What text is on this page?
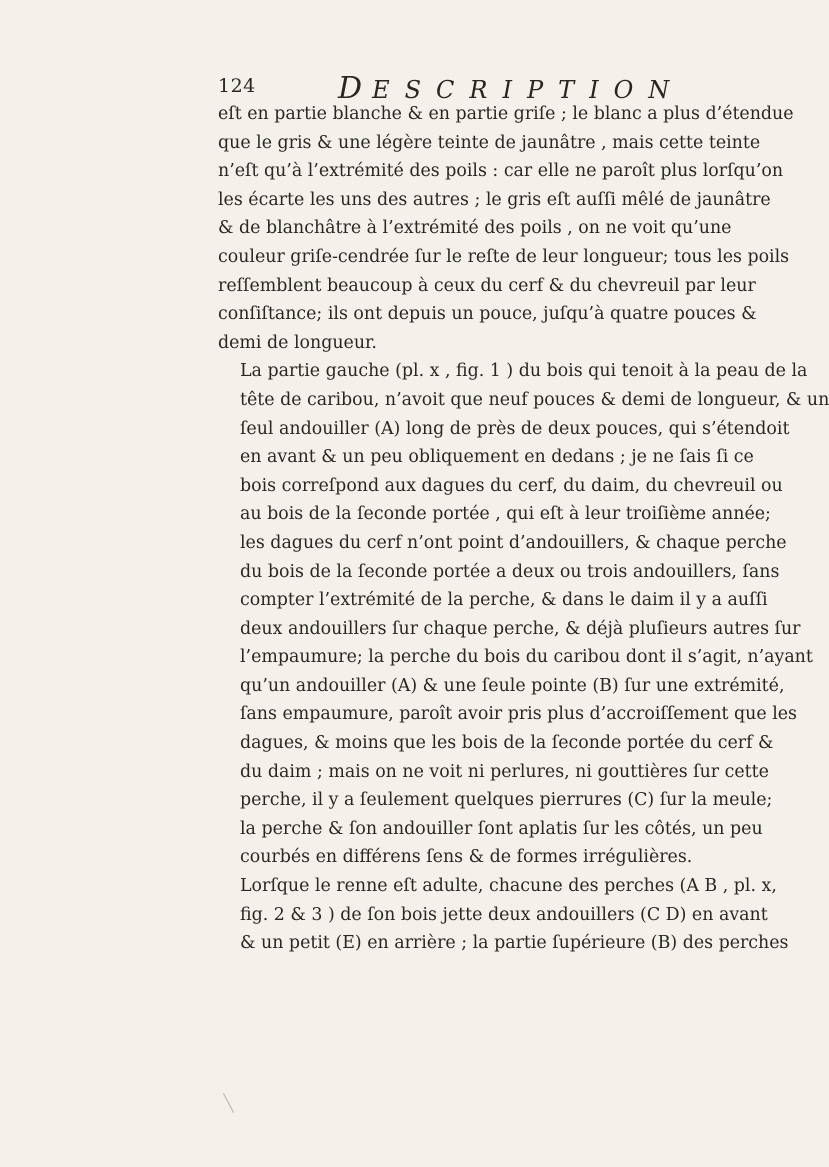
124	DESCRIPTION
eſt en partie blanche & en partie griſe ; le blanc a plus d’étendue
que le gris & une légère teinte de jaunâtre , mais cette teinte
n’eſt qu’à l’extrémité des poils : car elle ne paroît plus lorſqu’on
les écarte les uns des autres ; le gris eſt auſſi mêlé de jaunâtre
& de blanchâtre à l’extrémité des poils , on ne voit qu’une
couleur griſe-cendrée ſur le reſte de leur longueur; tous les poils
reſſemblent beaucoup à ceux du cerf & du chevreuil par leur
conſiſtance; ils ont depuis un pouce, juſqu’à quatre pouces &
demi de longueur.
La partie gauche (pl. x , fig. 1 ) du bois qui tenoit à la peau de la
tête de caribou, n’avoit que neuf pouces & demi de longueur, & un
ſeul andouiller (A) long de près de deux pouces, qui s’étendoit
en avant & un peu obliquement en dedans ; je ne ſais ſi ce
bois correſpond aux dagues du cerf, du daim, du chevreuil ou
au bois de la ſeconde portée , qui eſt à leur troiſième année;
les dagues du cerf n’ont point d’andouillers, & chaque perche
du bois de la ſeconde portée a deux ou trois andouillers, ſans
compter l’extrémité de la perche, & dans le daim il y a auſſi
deux andouillers ſur chaque perche, & déjà pluſieurs autres ſur
l’empaumure; la perche du bois du caribou dont il s’agit, n’ayant
qu’un andouiller (A) & une ſeule pointe (B) ſur une extrémité,
ſans empaumure, paroît avoir pris plus d’accroiſſement que les
dagues, & moins que les bois de la ſeconde portée du cerf &
du daim ; mais on ne voit ni perlures, ni gouttières ſur cette
perche, il y a ſeulement quelques pierrures (C) ſur la meule;
la perche & ſon andouiller ſont aplatis ſur les côtés, un peu
courbés en différens ſens & de formes irrégulières.
Lorſque le renne eſt adulte, chacune des perches (A B , pl. x,
fig. 2 & 3 ) de ſon bois jette deux andouillers (C D) en avant
& un petit (E) en arrière ; la partie ſupérieure (B) des perches
